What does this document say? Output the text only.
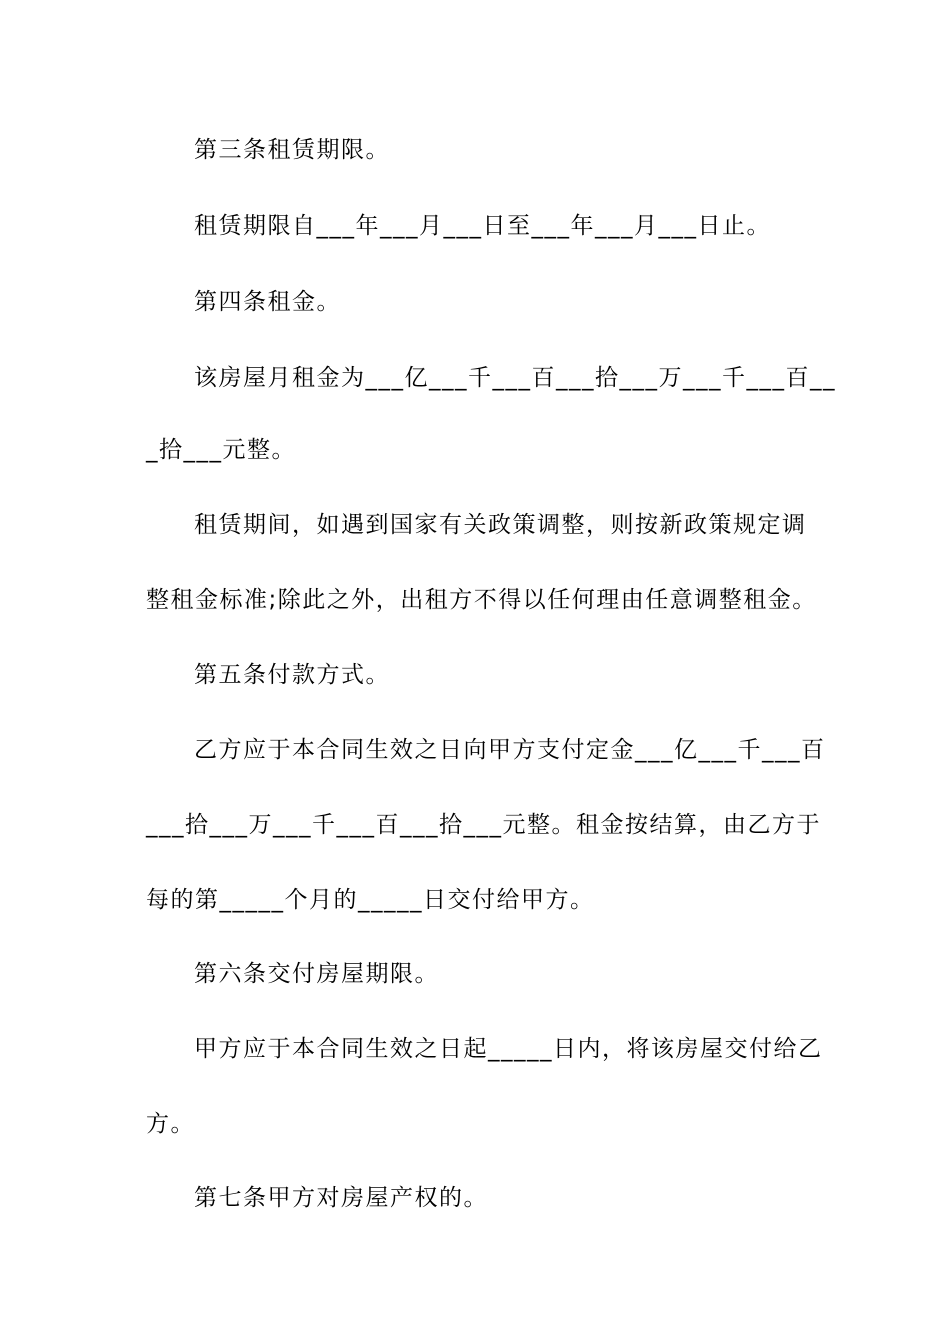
第三条租赁期限。
租赁期限自___年___月___日至___年___月___日止。
第四条租金。
该房屋月租金为___亿___千___百___拾___万___千___百__
_拾___元整。
租赁期间，如遇到国家有关政策调整，则按新政策规定调
整租金标准;除此之外，出租方不得以任何理由任意调整租金。
第五条付款方式。
乙方应于本合同生效之日向甲方支付定金___亿___千___百
___拾___万___千___百___拾___元整。租金按结算，由乙方于
每的第_____个月的_____日交付给甲方。
第六条交付房屋期限。
甲方应于本合同生效之日起_____日内，将该房屋交付给乙
方。
第七条甲方对房屋产权的。
